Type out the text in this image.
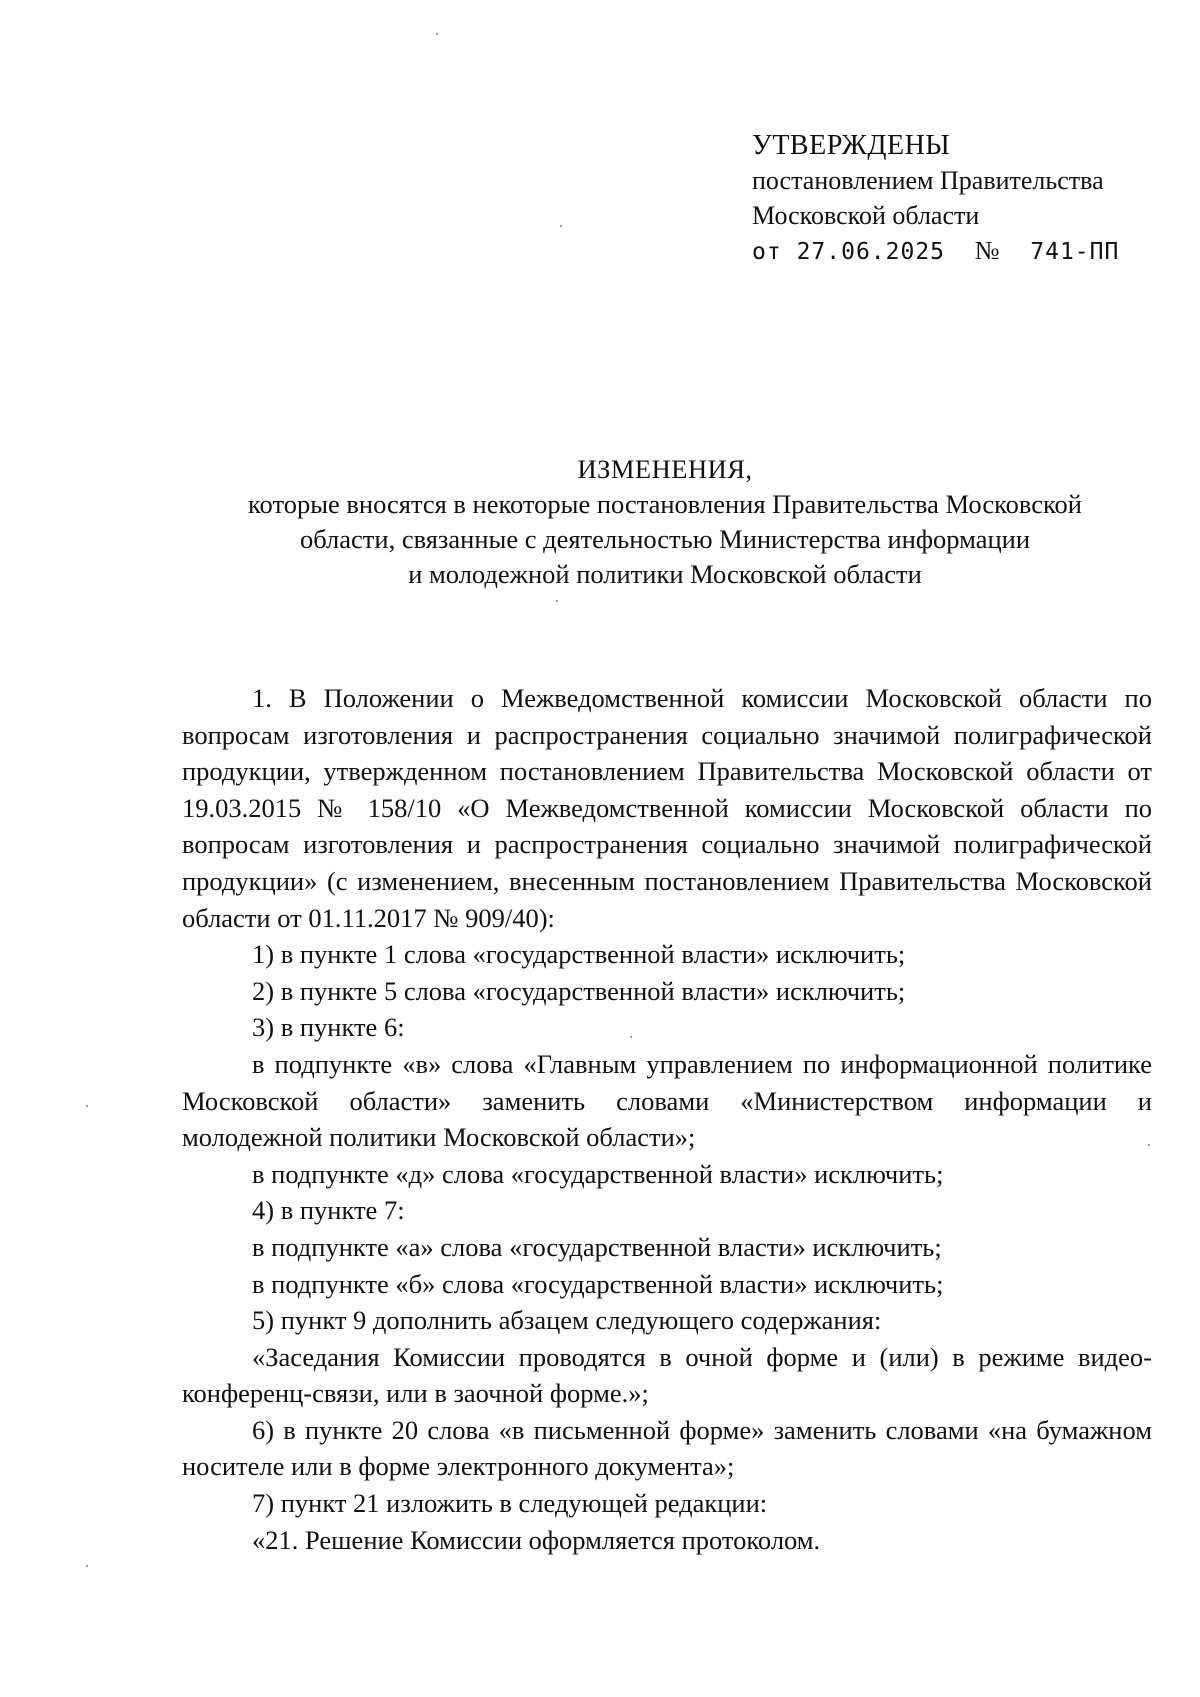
УТВЕРЖДЕНЫ
постановлением Правительства
Московской области
от 27.06.2025 № 741-ПП
ИЗМЕНЕНИЯ,
которые вносятся в некоторые постановления Правительства Московской
области, связанные с деятельностью Министерства информации
и молодежной политики Московской области

1. В Положении о Межведомственной комиссии Московской области по вопросам изготовления и распространения социально значимой полиграфической продукции, утвержденном постановлением Правительства Московской области от 19.03.2015 № 158/10 «О Межведомственной комиссии Московской области по вопросам изготовления и распространения социально значимой полиграфической продукции» (с изменением, внесенным постановлением Правительства Московской области от 01.11.2017 № 909/40):

1) в пункте 1 слова «государственной власти» исключить;

2) в пункте 5 слова «государственной власти» исключить;

3) в пункте 6:

в подпункте «в» слова «Главным управлением по информационной политике Московской области» заменить словами «Министерством информации и молодежной политики Московской области»;

в подпункте «д» слова «государственной власти» исключить;

4) в пункте 7:

в подпункте «а» слова «государственной власти» исключить;

в подпункте «б» слова «государственной власти» исключить;

5) пункт 9 дополнить абзацем следующего содержания:

«Заседания Комиссии проводятся в очной форме и (или) в режиме видео-конференц-связи, или в заочной форме.»;

6) в пункте 20 слова «в письменной форме» заменить словами «на бумажном носителе или в форме электронного документа»;

7) пункт 21 изложить в следующей редакции:

«21. Решение Комиссии оформляется протоколом.
